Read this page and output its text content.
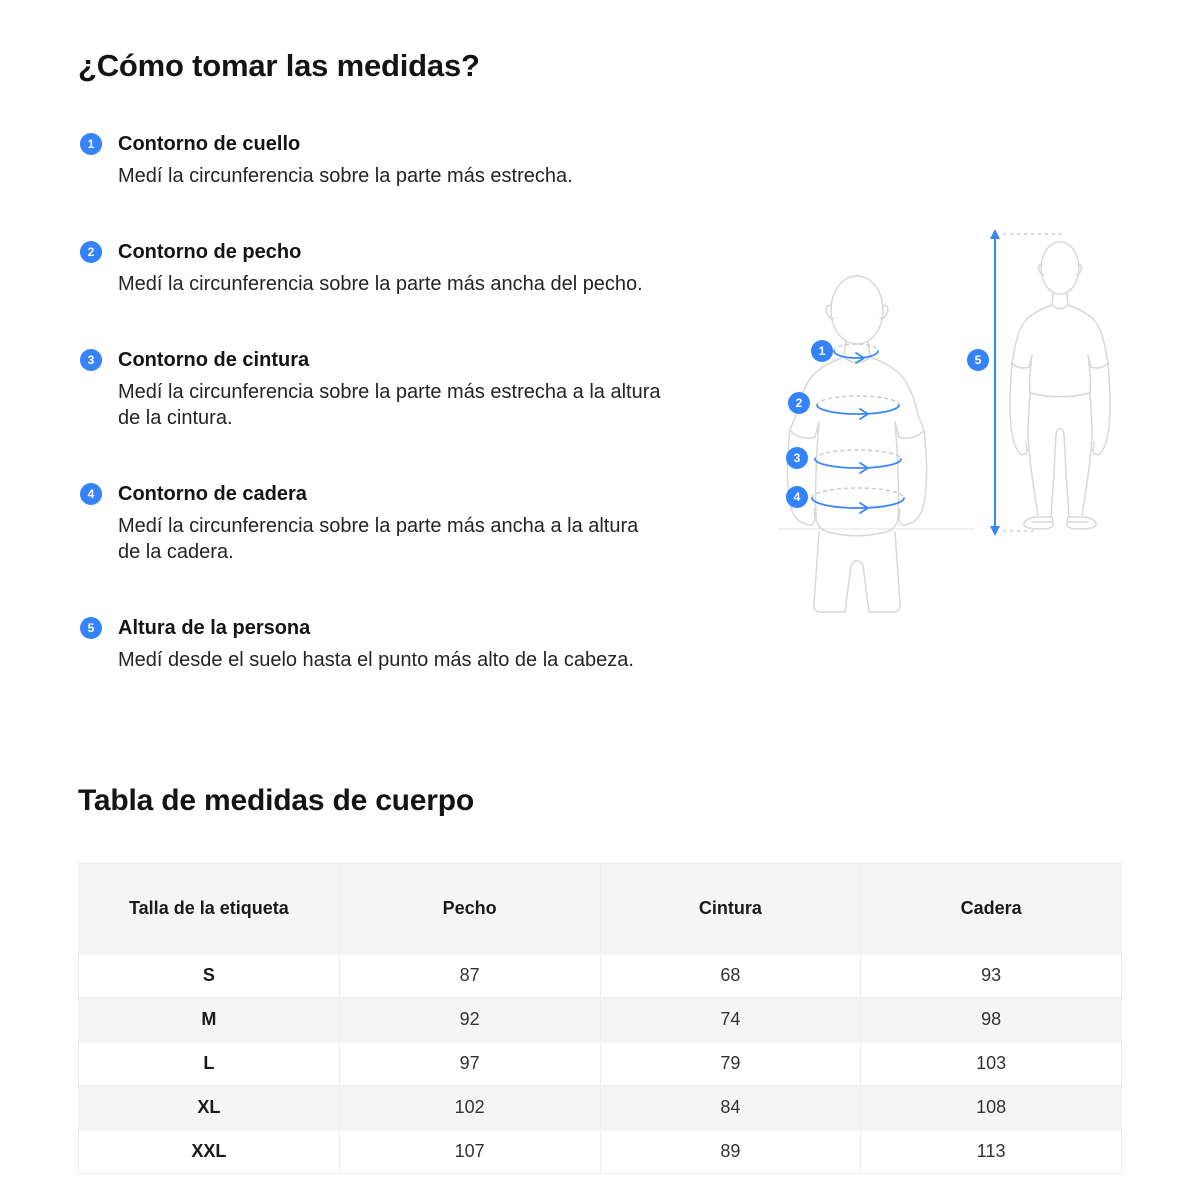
¿Cómo tomar las medidas?
1	Contorno de cuello
Medí la circunferencia sobre la parte más estrecha.
2	Contorno de pecho
Medí la circunferencia sobre la parte más ancha del pecho.
3	Contorno de cintura
Medí la circunferencia sobre la parte más estrecha a la altura de la cintura.
4	Contorno de cadera
Medí la circunferencia sobre la parte más ancha a la altura de la cadera.
5	Altura de la persona
Medí desde el suelo hasta el punto más alto de la cabeza.
1
2
3
4
5
Tabla de medidas de cuerpo
Talla de la etiqueta	Pecho	Cintura	Cadera
S	87	68	93
M	92	74	98
L	97	79	103
XL	102	84	108
XXL	107	89	113
